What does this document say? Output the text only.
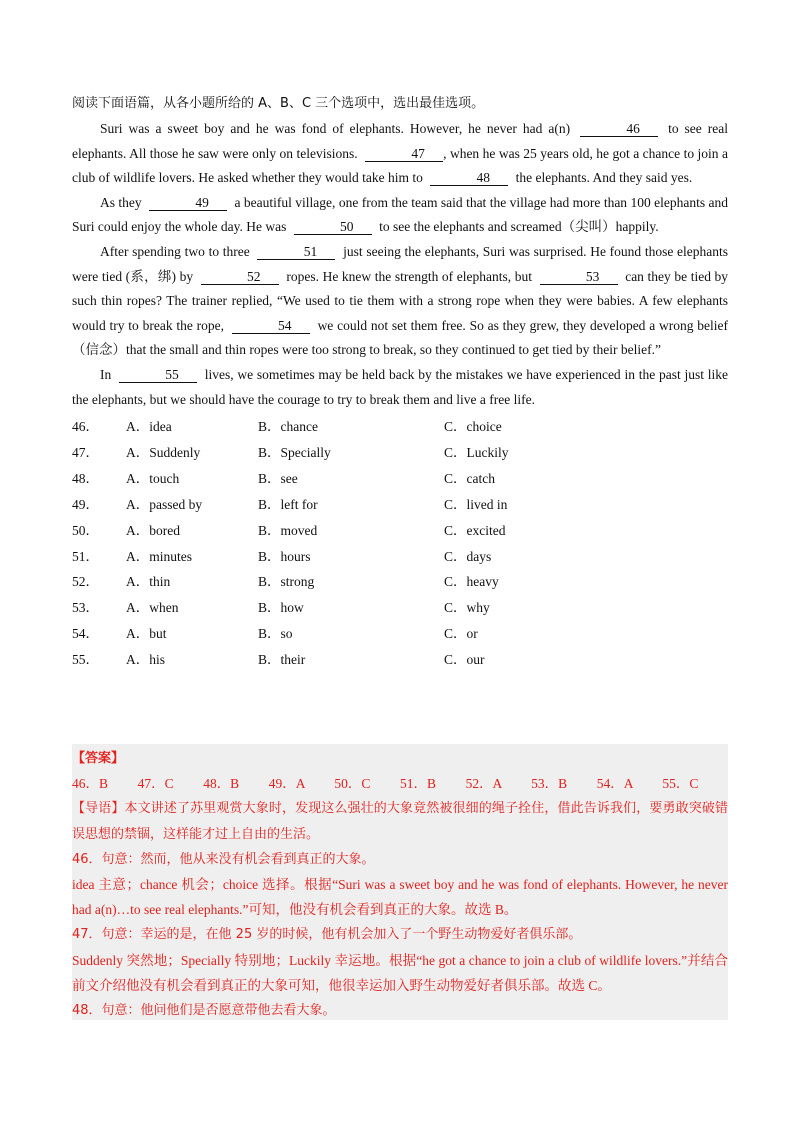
阅读下面语篇，从各小题所给的 A、B、C 三个选项中，选出最佳选项。

Suri was a sweet boy and he was fond of elephants. However, he never had a(n)	46 to see real elephants. All those he saw were only on televisions.	47 , when he was 25 years old, he got a chance to join a club of wildlife lovers. He asked whether they would take him to	48 the elephants. And they said yes.

As they	49 a beautiful village, one from the team said that the village had more than 100 elephants and Suri could enjoy the whole day. He was	50 to see the elephants and screamed（尖叫）happily.

After spending two to three	51 just seeing the elephants, Suri was surprised. He found those elephants were tied (系，绑) by	52 ropes. He knew the strength of elephants, but	53 can they be tied by such thin ropes? The trainer replied, “We used to tie them with a strong rope when they were babies. A few elephants would try to break the rope,	54 we could not set them free. So as they grew, they developed a wrong belief（信念）that the small and thin ropes were too strong to break, so they continued to get tied by their belief.”

In	55 lives, we sometimes may be held back by the mistakes we have experienced in the past just like the elephants, but we should have the courage to try to break them and live a free life.

46．	A．idea	B．chance	C．choice
47．	A．Suddenly	B．Specially	C．Luckily
48．	A．touch	B．see	C．catch
49．	A．passed by	B．left for	C．lived in
50．	A．bored	B．moved	C．excited
51．	A．minutes	B．hours	C．days
52．	A．thin	B．strong	C．heavy
53．	A．when	B．how	C．why
54．	A．but	B．so	C．or
55．	A．his	B．their	C．our
【答案】
46．B	47．C	48．B	49．A	50．C	51．B	52．A	53．B	54．A	55．C

【导语】本文讲述了苏里观赏大象时，发现这么强壮的大象竟然被很细的绳子拴住，借此告诉我们，要勇敢突破错误思想的禁锢，这样能才过上自由的生活。

46．句意：然而，他从来没有机会看到真正的大象。

idea 主意；chance 机会；choice 选择。根据“Suri was a sweet boy and he was fond of elephants. However, he never had a(n)…to see real elephants.”可知，他没有机会看到真正的大象。故选 B。

47．句意：幸运的是，在他 25 岁的时候，他有机会加入了一个野生动物爱好者俱乐部。

Suddenly 突然地；Specially 特别地；Luckily 幸运地。根据“he got a chance to join a club of wildlife lovers.”并结合前文介绍他没有机会看到真正的大象可知，他很幸运加入野生动物爱好者俱乐部。故选 C。

48．句意：他问他们是否愿意带他去看大象。
